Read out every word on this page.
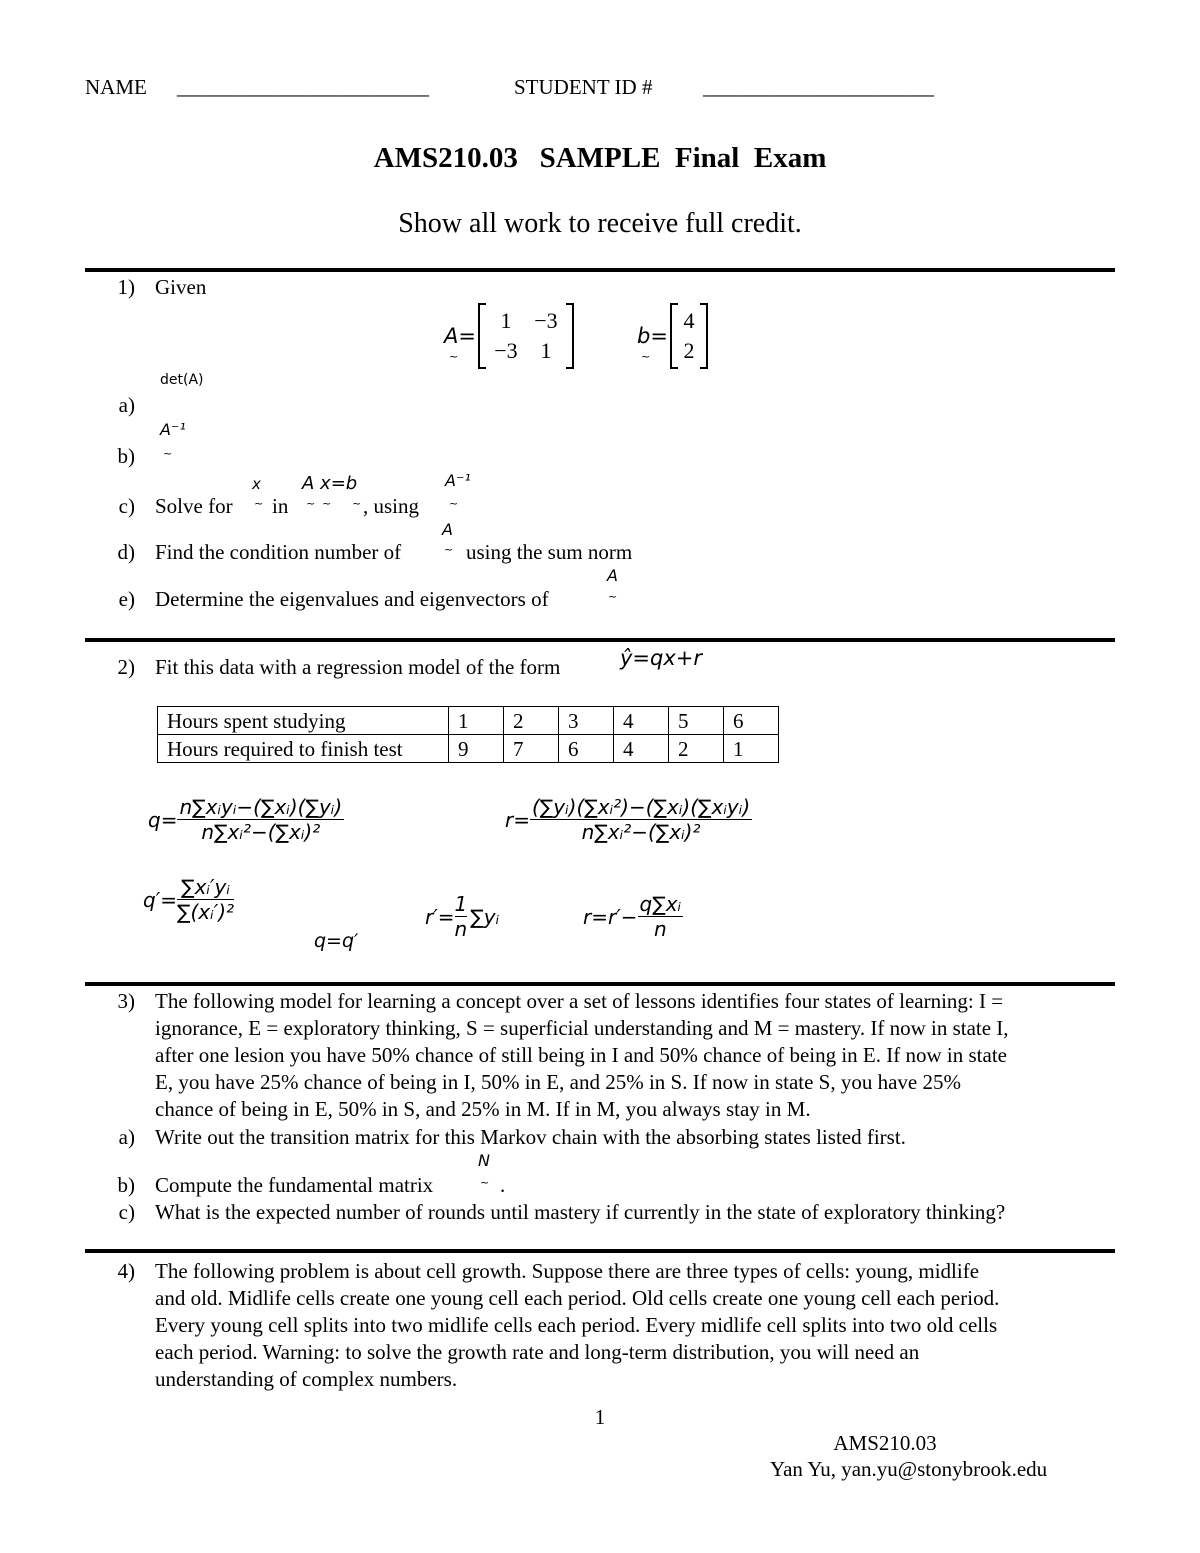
NAME ________________________	STUDENT ID # ______________________
AMS210.03   SAMPLE  Final  Exam
Show all work to receive full credit.
1) Given
A=
1	−3
−3	1
~
b=
4
2
~
a)
det(A)
b)
A⁻¹
~
c) Solve for
x
~ in
A x=b
~ ~ ~ , using
A⁻¹
~
d) Find the condition number of
A
~ using the sum norm
e) Determine the eigenvalues and eigenvectors of
A
~
2) Fit this data with a regression model of the form	ŷ=qx+r
Hours spent studying	1	2	3	4	5	6
Hours required to finish test	9	7	6	4	2	1
$q= \frac{\text{n∑xᵢyᵢ−(∑xᵢ)(∑yᵢ)}}{\text{n∑xᵢ²−(∑xᵢ)²}}$	$r= \frac{\text{(∑yᵢ)(∑xᵢ²)−(∑xᵢ)(∑xᵢyᵢ)}}{\text{n∑xᵢ²−(∑xᵢ)²}}$
$q'= \frac{\text{∑xᵢ′yᵢ}}{\text{∑(xᵢ′)²}}$
q=q′
$r'= \frac{1}{n}$ ∑yᵢ	$r=r'- \frac{\text{q∑xᵢ}}{n}$
3) The following model for learning a concept over a set of lessons identifies four states of learning: I =
ignorance, E = exploratory thinking, S = superficial understanding and M = mastery. If now in state I,
after one lesion you have 50% chance of still being in I and 50% chance of being in E. If now in state
E, you have 25% chance of being in I, 50% in E, and 25% in S. If now in state S, you have 25%
chance of being in E, 50% in S, and 25% in M. If in M, you always stay in M.
a) Write out the transition matrix for this Markov chain with the absorbing states listed first.
b) Compute the fundamental matrix
N
~ .
c) What is the expected number of rounds until mastery if currently in the state of exploratory thinking?
4) The following problem is about cell growth. Suppose there are three types of cells: young, midlife
and old. Midlife cells create one young cell each period. Old cells create one young cell each period.
Every young cell splits into two midlife cells each period. Every midlife cell splits into two old cells
each period. Warning: to solve the growth rate and long-term distribution, you will need an
understanding of complex numbers.
1
AMS210.03
Yan Yu, yan.yu@stonybrook.edu
